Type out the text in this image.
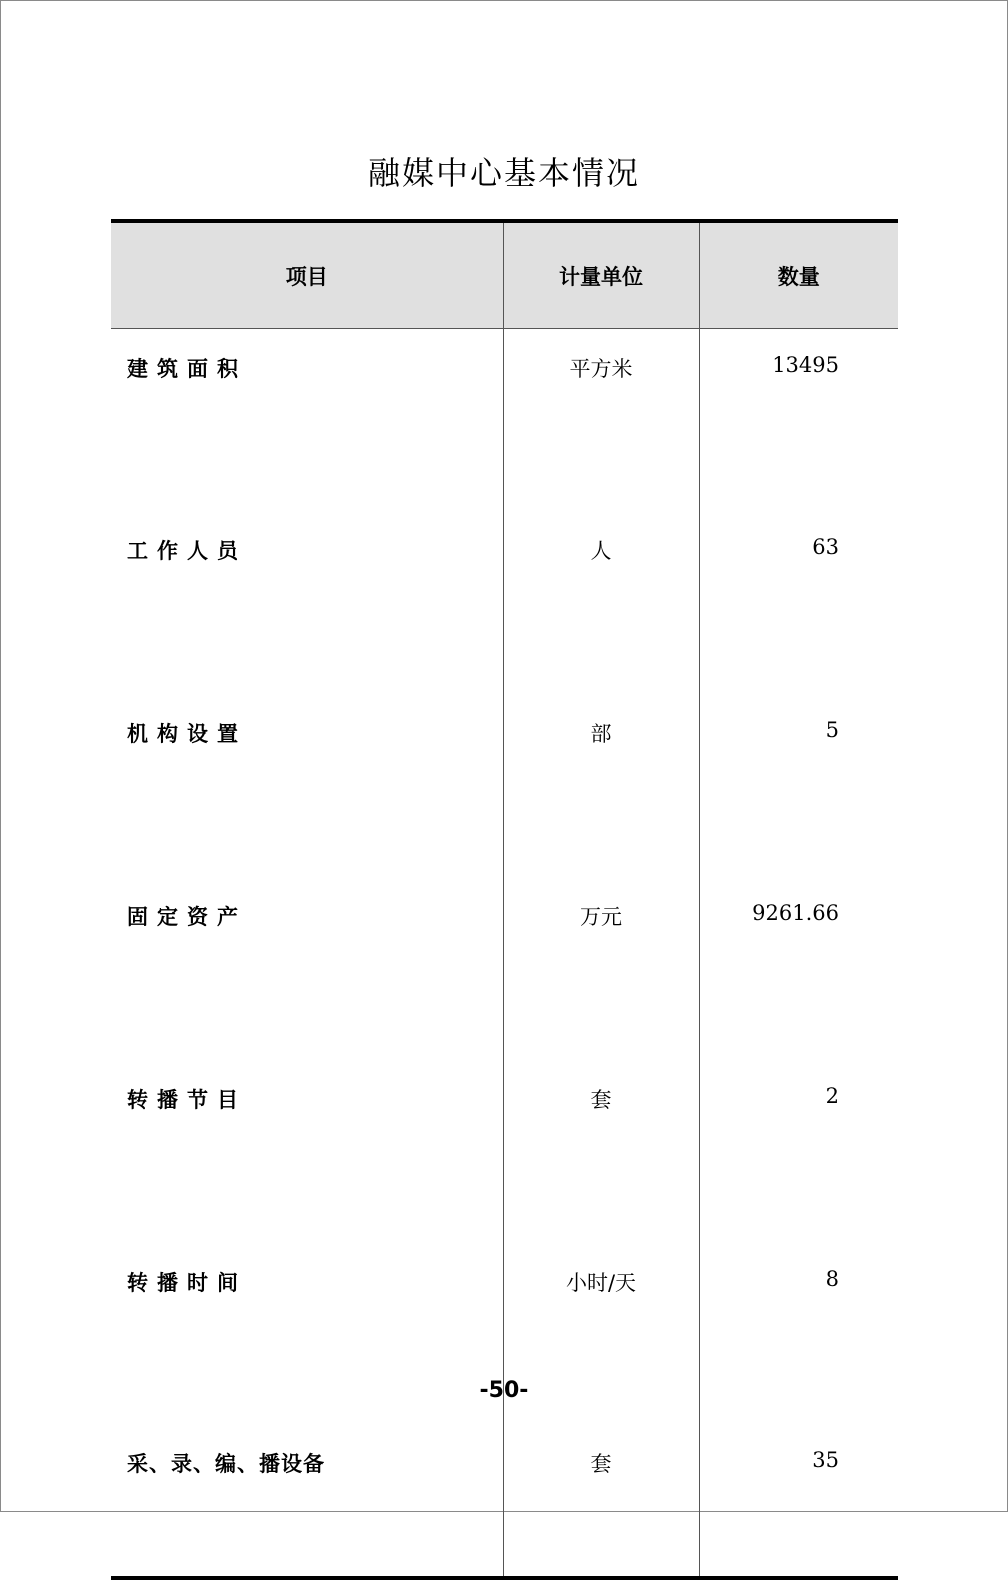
融媒中心基本情况
项目	计量单位	数量
建筑面积	平方米	13495
工作人员	人	63
机构设置	部	5
固定资产	万元	9261.66
转播节目	套	2
转播时间	小时/天	8
采、录、编、播设备	套	35
-50-
